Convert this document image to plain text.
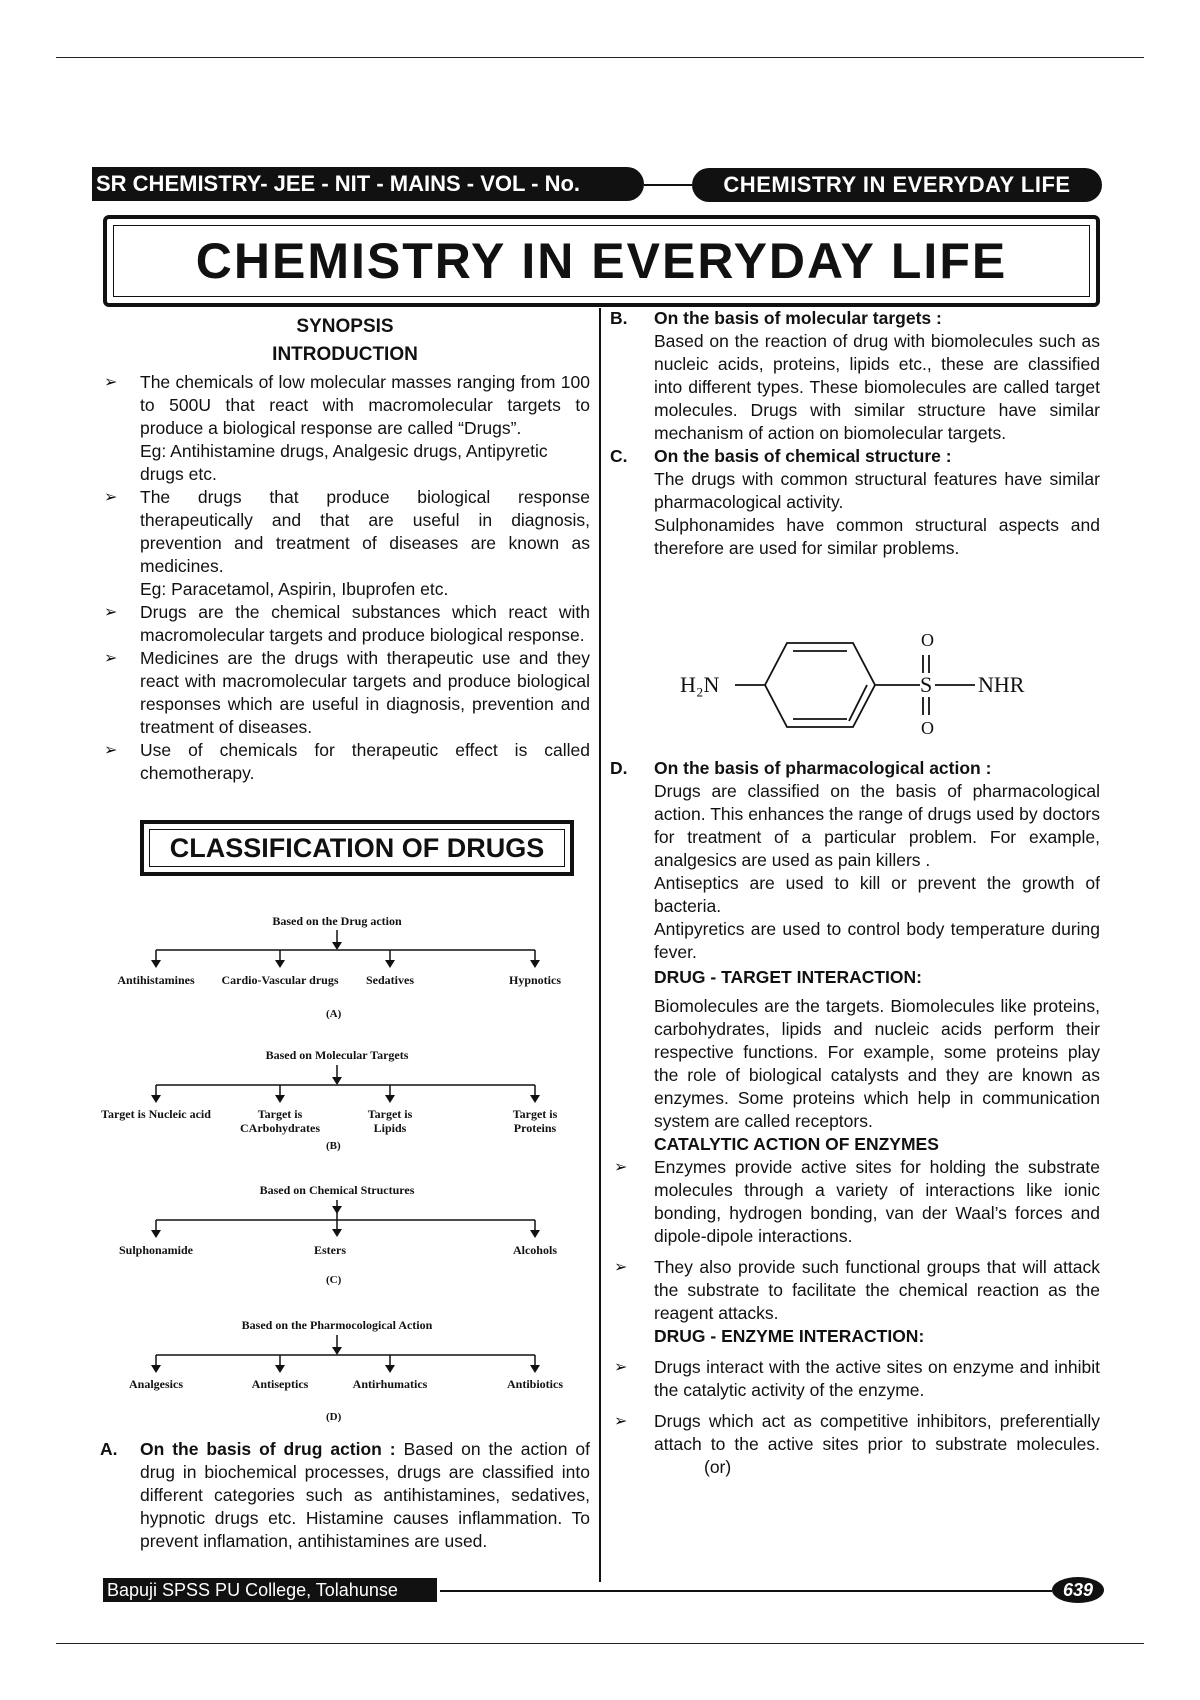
SR CHEMISTRY- JEE - NIT - MAINS - VOL - No.	CHEMISTRY IN EVERYDAY LIFE
CHEMISTRY IN EVERYDAY LIFE
SYNOPSIS
INTRODUCTION
➢ The chemicals of low molecular masses ranging from 100 to 500U that react with macromolecular targets to produce a biological response are called “Drugs”.
Eg: Antihistamine drugs, Analgesic drugs, Antipyretic drugs etc.
➢ The drugs that produce biological response therapeutically and that are useful in diagnosis, prevention and treatment of diseases are known as medicines.
Eg: Paracetamol, Aspirin, Ibuprofen etc.
➢ Drugs are the chemical substances which react with macromolecular targets and produce biological response.
➢ Medicines are the drugs with therapeutic use and they react with macromolecular targets and produce biological responses which are useful in diagnosis, prevention and treatment of diseases.
➢ Use of chemicals for therapeutic effect is called chemotherapy.
CLASSIFICATION OF DRUGS
Based on the Drug action
Antihistamines	Cardio-Vascular drugs	Sedatives	Hypnotics
(A)
Based on Molecular Targets
Target is Nucleic acid	Target is CArbohydrates
Target is Lipids
Target is Proteins
(B)
Based on Chemical Structures
Sulphonamide	Esters	Alcohols
(C)
Based on the Pharmocological Action
Analgesics	Antiseptics	Antirhumatics	Antibiotics
(D)
A. On the basis of drug action : Based on the action of drug in biochemical processes, drugs are classified into different categories such as antihistamines, sedatives, hypnotic drugs etc. Histamine causes inflammation. To prevent inflamation, antihistamines are used.
B. On the basis of molecular targets :
Based on the reaction of drug with biomolecules such as nucleic acids, proteins, lipids etc., these are classified into different types. These biomolecules are called target molecules. Drugs with similar structure have similar mechanism of action on biomolecular targets.
C. On the basis of chemical structure :
The drugs with common structural features have similar pharmacological activity.
Sulphonamides have common structural aspects and therefore are used for similar problems.
H₂N	S
O
O
NHR
D. On the basis of pharmacological action :
Drugs are classified on the basis of pharmacological action. This enhances the range of drugs used by doctors for treatment of a particular problem. For example, analgesics are used as pain killers .
Antiseptics are used to kill or prevent the growth of bacteria.
Antipyretics are used to control body temperature during fever.
DRUG - TARGET INTERACTION:
Biomolecules are the targets. Biomolecules like proteins, carbohydrates, lipids and nucleic acids perform their respective functions. For example, some proteins play the role of biological catalysts and they are known as enzymes. Some proteins which help in communication system are called receptors.
CATALYTIC ACTION OF ENZYMES
➢ Enzymes provide active sites for holding the substrate molecules through a variety of interactions like ionic bonding, hydrogen bonding, van der Waal’s forces and dipole-dipole interactions.
➢ They also provide such functional groups that will attack the substrate to facilitate the chemical reaction as the reagent attacks.
DRUG - ENZYME INTERACTION:
➢ Drugs interact with the active sites on enzyme and inhibit the catalytic activity of the enzyme.
➢ Drugs which act as competitive inhibitors, preferentially attach to the active sites prior to substrate molecules. (or)
Bapuji SPSS PU College, Tolahunse	639
